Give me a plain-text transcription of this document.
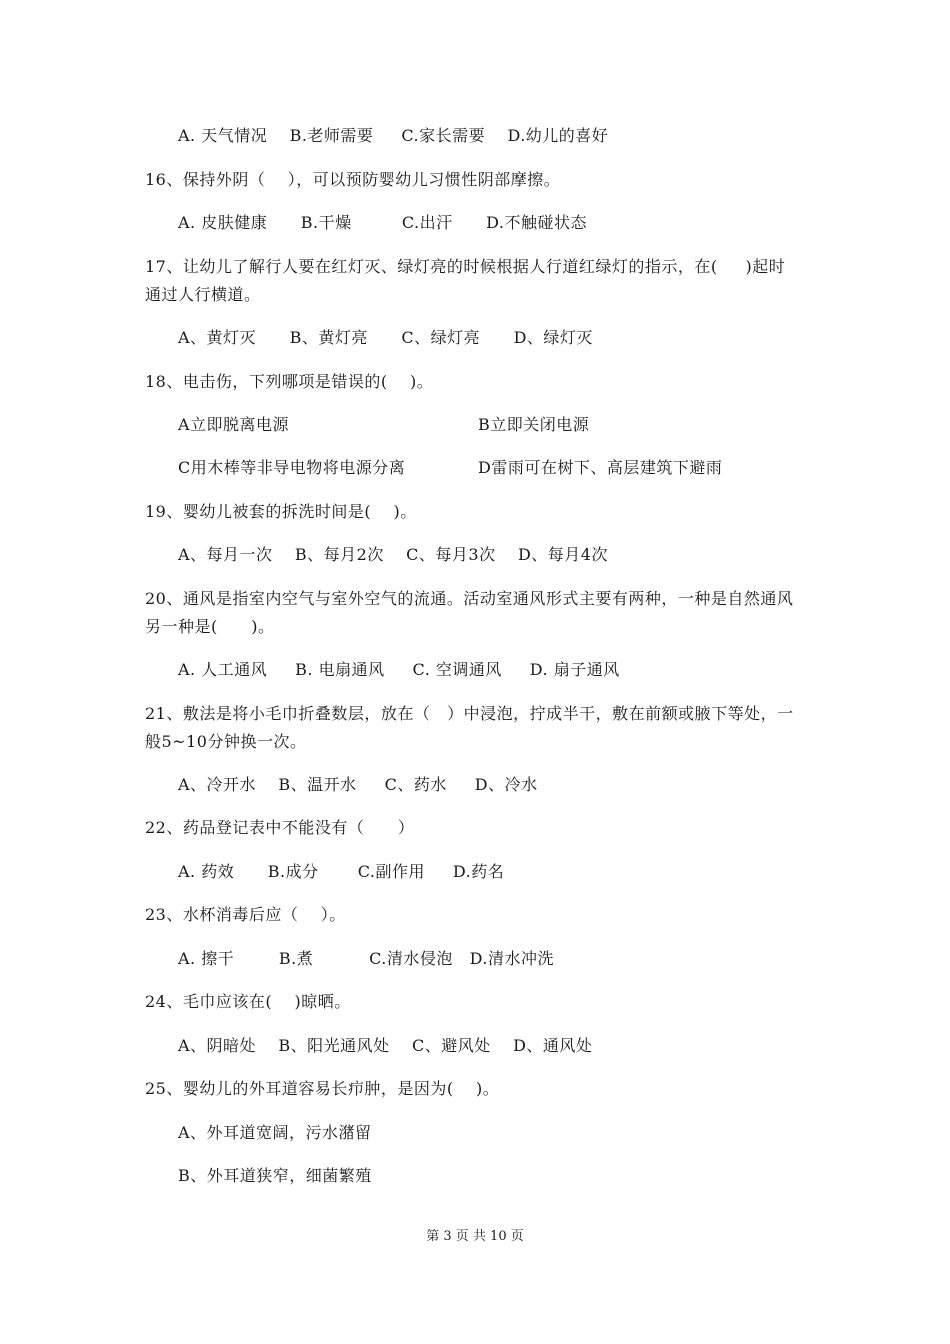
A. 天气情况    B.老师需要     C.家长需要    D.幼儿的喜好
16、保持外阴（    ），可以预防婴幼儿习惯性阴部摩擦。
A. 皮肤健康      B.干燥         C.出汗      D.不触碰状态
17、让幼儿了解行人要在红灯灭、绿灯亮的时候根据人行道红绿灯的指示，在(     )起时
通过人行横道。
A、黄灯灭      B、黄灯亮      C、绿灯亮      D、绿灯灭
18、电击伤，下列哪项是错误的(    )。
A立即脱离电源	B立即关闭电源
C用木棒等非导电物将电源分离	D雷雨可在树下、高层建筑下避雨
19、婴幼儿被套的拆洗时间是(    )。
A、每月一次    B、每月2次    C、每月3次    D、每月4次
20、通风是指室内空气与室外空气的流通。活动室通风形式主要有两种，一种是自然通风
另一种是(      )。
A. 人工通风     B. 电扇通风     C. 空调通风     D. 扇子通风
21、敷法是将小毛巾折叠数层，放在（   ）中浸泡，拧成半干，敷在前额或腋下等处，一
般5~10分钟换一次。
A、冷开水    B、温开水     C、药水     D、冷水
22、药品登记表中不能没有（      ）
A. 药效      B.成分       C.副作用     D.药名
23、水杯消毒后应（    ）。
A. 擦干        B.煮          C.清水侵泡   D.清水冲洗
24、毛巾应该在(    )晾晒。
A、阴暗处    B、阳光通风处    C、避风处    D、通风处
25、婴幼儿的外耳道容易长疖肿，是因为(    )。
A、外耳道宽阔，污水潴留
B、外耳道狭窄，细菌繁殖
第 3 页 共 10 页
